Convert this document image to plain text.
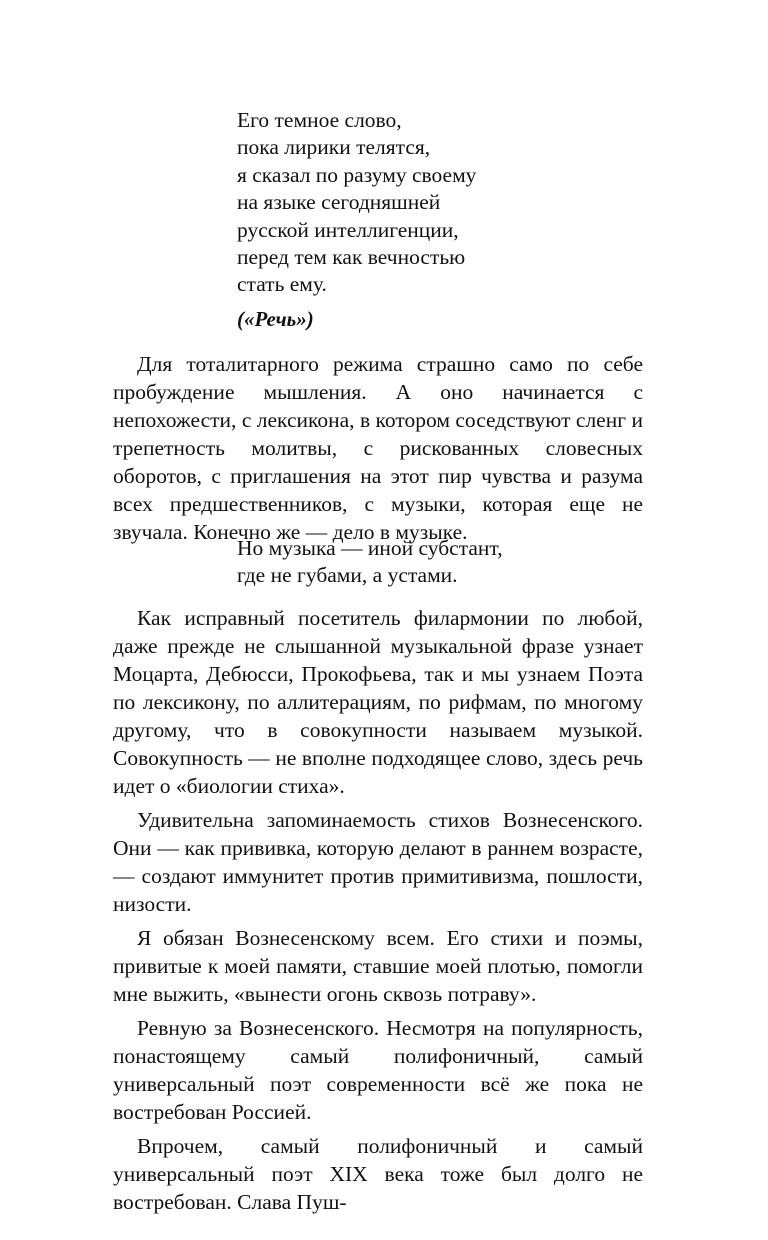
Его темное слово,
пока лирики телятся,
я сказал по разуму своему
на языке сегодняшней
русской интеллигенции,
перед тем как вечностью
стать ему.
(«Речь»)

Для тоталитарного режима страшно само по себе пробуждение мышления. А оно начинается с непохожести, с лексикона, в котором соседствуют сленг и трепетность молитвы, с рискованных словесных оборотов, с приглашения на этот пир чувства и разума всех предшественников, с музыки, которая еще не звучала. Конечно же — дело в музыке.

Но музыка — иной субстант,
где не губами, а устами.

Как исправный посетитель филармонии по любой, даже прежде не слышанной музыкальной фразе узнает Моцарта, Дебюсси, Прокофьева, так и мы узнаем Поэта по лексикону, по аллитерациям, по рифмам, по многому другому, что в совокупности называем музыкой. Совокупность — не вполне подходящее слово, здесь речь идет о «биологии стиха».

Удивительна запоминаемость стихов Вознесенского. Они — как прививка, которую делают в раннем возрасте, — создают иммунитет против примитивизма, пошлости, низости.

Я обязан Вознесенскому всем. Его стихи и поэмы, привитые к моей памяти, ставшие моей плотью, помогли мне выжить, «вынести огонь сквозь потраву».

Ревную за Вознесенского. Несмотря на популярность, понастоящему самый полифоничный, самый универсальный поэт современности всё же пока не востребован Россией.

Впрочем, самый полифоничный и самый универсальный поэт XIX века тоже был долго не востребован. Слава Пуш-
